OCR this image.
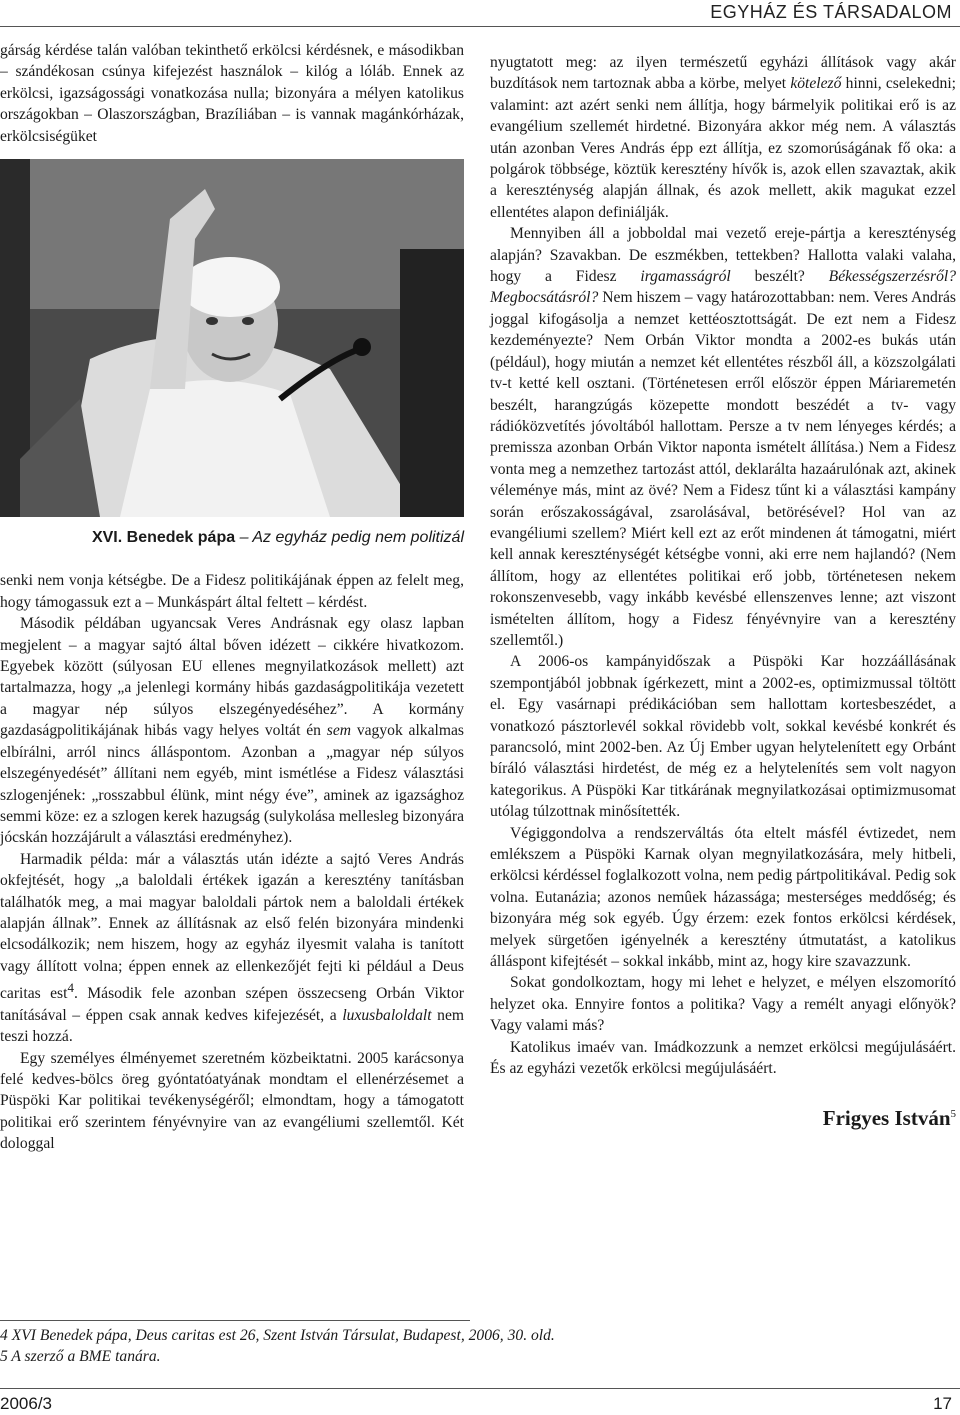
EGYHÁZ ÉS TÁRSADALOM

gárság kérdése talán valóban tekinthető erkölcsi kérdésnek, e másodikban – szándékosan csúnya kifejezést használok – kilóg a lóláb. Ennek az erkölcsi, igazságossági vonatkozása nulla; bizonyára a mélyen katolikus országokban – Olaszországban, Brazíliában – is vannak magánkórházak, erkölcsiségüket

XVI. Benedek pápa – Az egyház pedig nem politizál

senki nem vonja kétségbe. De a Fidesz politikájának éppen az felelt meg, hogy támogassuk ezt a – Munkáspárt által feltett – kérdést.

Második példában ugyancsak Veres Andrásnak egy olasz lapban megjelent – a magyar sajtó által bőven idézett – cikkére hivatkozom. Egyebek között (súlyosan EU ellenes megnyilatkozások mellett) azt tartalmazza, hogy „a jelenlegi kormány hibás gazdaságpolitikája vezetett a magyar nép súlyos elszegényedéséhez”. A kormány gazdaságpolitikájának hibás vagy helyes voltát én sem vagyok alkalmas elbírálni, arról nincs álláspontom. Azonban a „magyar nép súlyos elszegényedését” állítani nem egyéb, mint ismétlése a Fidesz választási szlogenjének: „rosszabbul élünk, mint négy éve”, aminek az igazsághoz semmi köze: ez a szlogen kerek hazugság (sulykolása mellesleg bizonyára jócskán hozzájárult a választási eredményhez).

Harmadik példa: már a választás után idézte a sajtó Veres András okfejtését, hogy „a baloldali értékek igazán a keresztény tanításban találhatók meg, a mai magyar baloldali pártok nem a baloldali értékek alapján állnak”. Ennek az állításnak az első felén bizonyára mindenki elcsodálkozik; nem hiszem, hogy az egyház ilyesmit valaha is tanított vagy állított volna; éppen ennek az ellenkezőjét fejti ki például a Deus caritas est$^4$. Második fele azonban szépen összecseng Orbán Viktor tanításával – éppen csak annak kedves kifejezését, a luxusbaloldalt nem teszi hozzá.

Egy személyes élményemet szeretném közbeiktatni. 2005 karácsonya felé kedves-bölcs öreg gyóntatóatyának mondtam el ellenérzésemet a Püspöki Kar politikai tevékenységéről; elmondtam, hogy a támogatott politikai erő szerintem fényévnyire van az evangéliumi szellemtől. Két dologgal

nyugtatott meg: az ilyen természetű egyházi állítások vagy akár buzdítások nem tartoznak abba a körbe, melyet kötelező hinni, cselekedni; valamint: azt azért senki nem állítja, hogy bármelyik politikai erő is az evangélium szellemét hirdetné. Bizonyára akkor még nem. A választás után azonban Veres András épp ezt állítja, ez szomorúságának fő oka: a polgárok többsége, köztük keresztény hívők is, azok ellen szavaztak, akik a kereszténység alapján állnak, és azok mellett, akik magukat ezzel ellentétes alapon definiálják.

Mennyiben áll a jobboldal mai vezető ereje-pártja a kereszténység alapján? Szavakban. De eszmékben, tettekben? Hallotta valaki valaha, hogy a Fidesz irgamasságról beszélt? Békességszerzésről? Megbocsátásról? Nem hiszem – vagy határozottabban: nem. Veres András joggal kifogásolja a nemzet kettéosztottságát. De ezt nem a Fidesz kezdeményezte? Nem Orbán Viktor mondta a 2002-es bukás után (például), hogy miután a nemzet két ellentétes részből áll, a közszolgálati tv-t ketté kell osztani. (Történetesen erről először éppen Máriaremetén beszélt, harangzúgás közepette mondott beszédét a tv- vagy rádióközvetítés jóvoltából hallottam. Persze a tv nem lényeges kérdés; a premissza azonban Orbán Viktor naponta ismételt állítása.) Nem a Fidesz vonta meg a nemzethez tartozást attól, deklarálta hazaárulónak azt, akinek véleménye más, mint az övé? Nem a Fidesz tűnt ki a választási kampány során erőszakosságával, zsarolásával, betörésével? Hol van az evangéliumi szellem? Miért kell ezt az erőt mindenen át támogatni, miért kell annak kereszténységét kétségbe vonni, aki erre nem hajlandó? (Nem állítom, hogy az ellentétes politikai erő jobb, történetesen nekem rokonszenvesebb, vagy inkább kevésbé ellenszenves lenne; azt viszont ismételten állítom, hogy a Fidesz fényévnyire van a keresztény szellemtől.)

A 2006-os kampányidőszak a Püspöki Kar hozzáállásának szempontjából jobbnak ígérkezett, mint a 2002-es, optimizmussal töltött el. Egy vasárnapi prédikációban sem hallottam kortesbeszédet, a vonatkozó pásztorlevél sokkal rövidebb volt, sokkal kevésbé konkrét és parancsoló, mint 2002-ben. Az Új Ember ugyan helytelenített egy Orbánt bíráló választási hirdetést, de még ez a helytelenítés sem volt nagyon kategorikus. A Püspöki Kar titkárának megnyilatkozásai optimizmusomat utólag túlzottnak minősítették.

Végiggondolva a rendszerváltás óta eltelt másfél évtizedet, nem emlékszem a Püspöki Karnak olyan megnyilatkozására, mely hitbeli, erkölcsi kérdéssel foglalkozott volna, nem pedig pártpolitikával. Pedig sok volna. Eutanázia; azonos nemûek házassága; mesterséges meddőség; és bizonyára még sok egyéb. Úgy érzem: ezek fontos erkölcsi kérdések, melyek sürgetően igényelnék a keresztény útmutatást, a katolikus álláspont kifejtését – sokkal inkább, mint az, hogy kire szavazzunk.

Sokat gondolkoztam, hogy mi lehet e helyzet, e mélyen elszomorító helyzet oka. Ennyire fontos a politika? Vagy a remélt anyagi előnyök? Vagy valami más?

Katolikus imaév van. Imádkozzunk a nemzet erkölcsi megújulásáért. És az egyházi vezetők erkölcsi megújulásáért.

Frigyes István$^5$
4 XVI Benedek pápa, Deus caritas est 26, Szent István Társulat, Budapest, 2006, 30. old.
5 A szerző a BME tanára.
2006/3	17
